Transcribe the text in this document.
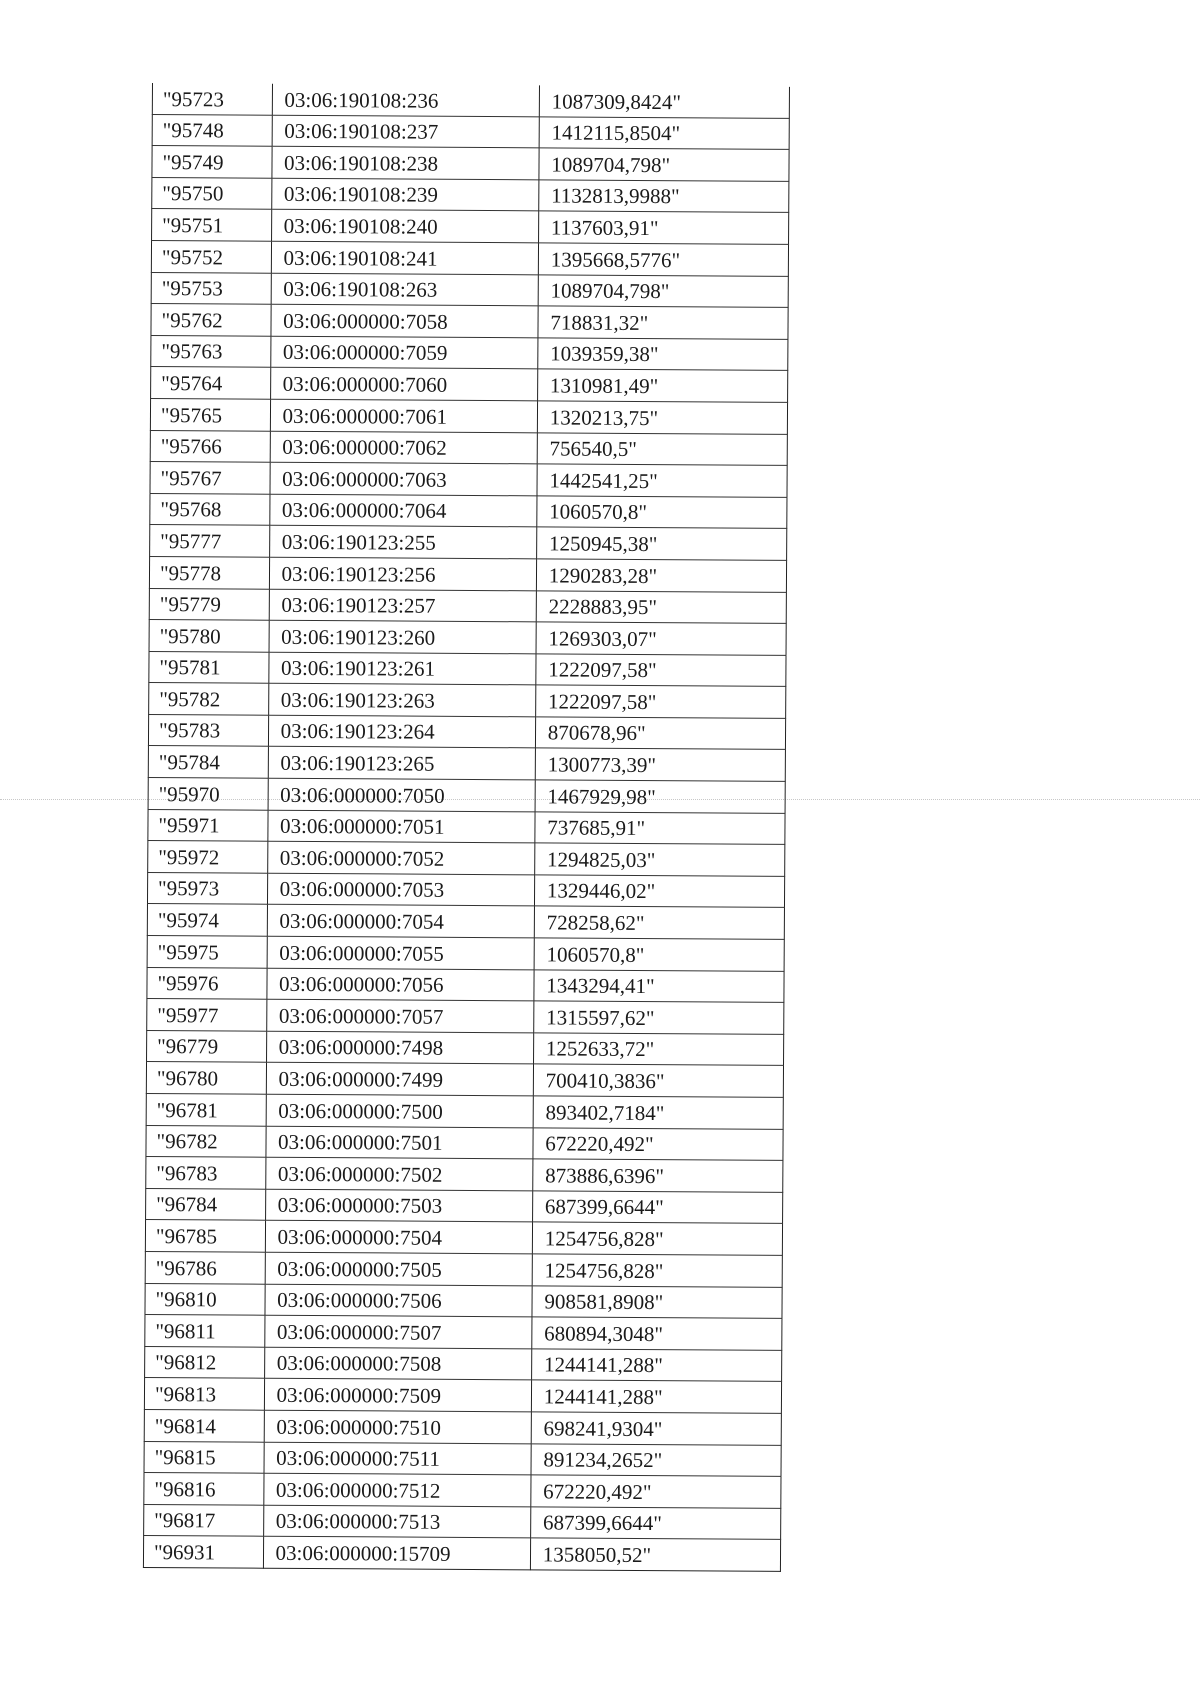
"95723	03:06:190108:236	1087309,8424"
"95748	03:06:190108:237	1412115,8504"
"95749	03:06:190108:238	1089704,798"
"95750	03:06:190108:239	1132813,9988"
"95751	03:06:190108:240	1137603,91"
"95752	03:06:190108:241	1395668,5776"
"95753	03:06:190108:263	1089704,798"
"95762	03:06:000000:7058	718831,32"
"95763	03:06:000000:7059	1039359,38"
"95764	03:06:000000:7060	1310981,49"
"95765	03:06:000000:7061	1320213,75"
"95766	03:06:000000:7062	756540,5"
"95767	03:06:000000:7063	1442541,25"
"95768	03:06:000000:7064	1060570,8"
"95777	03:06:190123:255	1250945,38"
"95778	03:06:190123:256	1290283,28"
"95779	03:06:190123:257	2228883,95"
"95780	03:06:190123:260	1269303,07"
"95781	03:06:190123:261	1222097,58"
"95782	03:06:190123:263	1222097,58"
"95783	03:06:190123:264	870678,96"
"95784	03:06:190123:265	1300773,39"
"95970	03:06:000000:7050	1467929,98"
"95971	03:06:000000:7051	737685,91"
"95972	03:06:000000:7052	1294825,03"
"95973	03:06:000000:7053	1329446,02"
"95974	03:06:000000:7054	728258,62"
"95975	03:06:000000:7055	1060570,8"
"95976	03:06:000000:7056	1343294,41"
"95977	03:06:000000:7057	1315597,62"
"96779	03:06:000000:7498	1252633,72"
"96780	03:06:000000:7499	700410,3836"
"96781	03:06:000000:7500	893402,7184"
"96782	03:06:000000:7501	672220,492"
"96783	03:06:000000:7502	873886,6396"
"96784	03:06:000000:7503	687399,6644"
"96785	03:06:000000:7504	1254756,828"
"96786	03:06:000000:7505	1254756,828"
"96810	03:06:000000:7506	908581,8908"
"96811	03:06:000000:7507	680894,3048"
"96812	03:06:000000:7508	1244141,288"
"96813	03:06:000000:7509	1244141,288"
"96814	03:06:000000:7510	698241,9304"
"96815	03:06:000000:7511	891234,2652"
"96816	03:06:000000:7512	672220,492"
"96817	03:06:000000:7513	687399,6644"
"96931	03:06:000000:15709	1358050,52"
